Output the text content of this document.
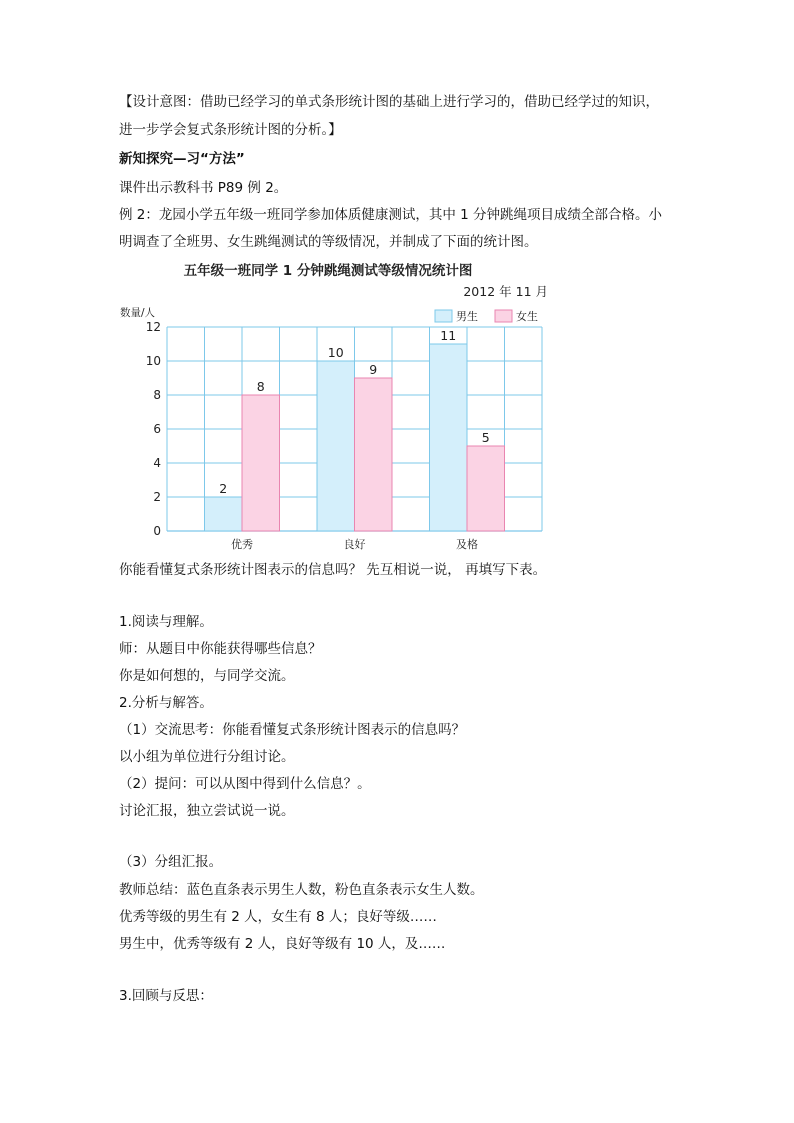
【设计意图：借助已经学习的单式条形统计图的基础上进行学习的，借助已经学过的知识，
进一步学会复式条形统计图的分析。】
新知探究—习“方法”
课件出示教科书 P89 例 2。
例 2：龙园小学五年级一班同学参加体质健康测试，其中 1 分钟跳绳项目成绩全部合格。小
明调查了全班男、女生跳绳测试的等级情况，并制成了下面的统计图。
五年级一班同学 1 分钟跳绳测试等级情况统计图
2012 年 11 月
数量/人	男生	女生
0
2
4
6
8
10
12
2
8
优秀
10
9
良好
11
5
及格
你能看懂复式条形统计图表示的信息吗？ 先互相说一说， 再填写下表。
1.阅读与理解。
师：从题目中你能获得哪些信息？
你是如何想的，与同学交流。
2.分析与解答。
（1）交流思考：你能看懂复式条形统计图表示的信息吗？
以小组为单位进行分组讨论。
（2）提问：可以从图中得到什么信息？。
讨论汇报，独立尝试说一说。
（3）分组汇报。
教师总结：蓝色直条表示男生人数，粉色直条表示女生人数。
优秀等级的男生有 2 人，女生有 8 人；良好等级……
男生中，优秀等级有 2 人，良好等级有 10 人，及……
3.回顾与反思：
